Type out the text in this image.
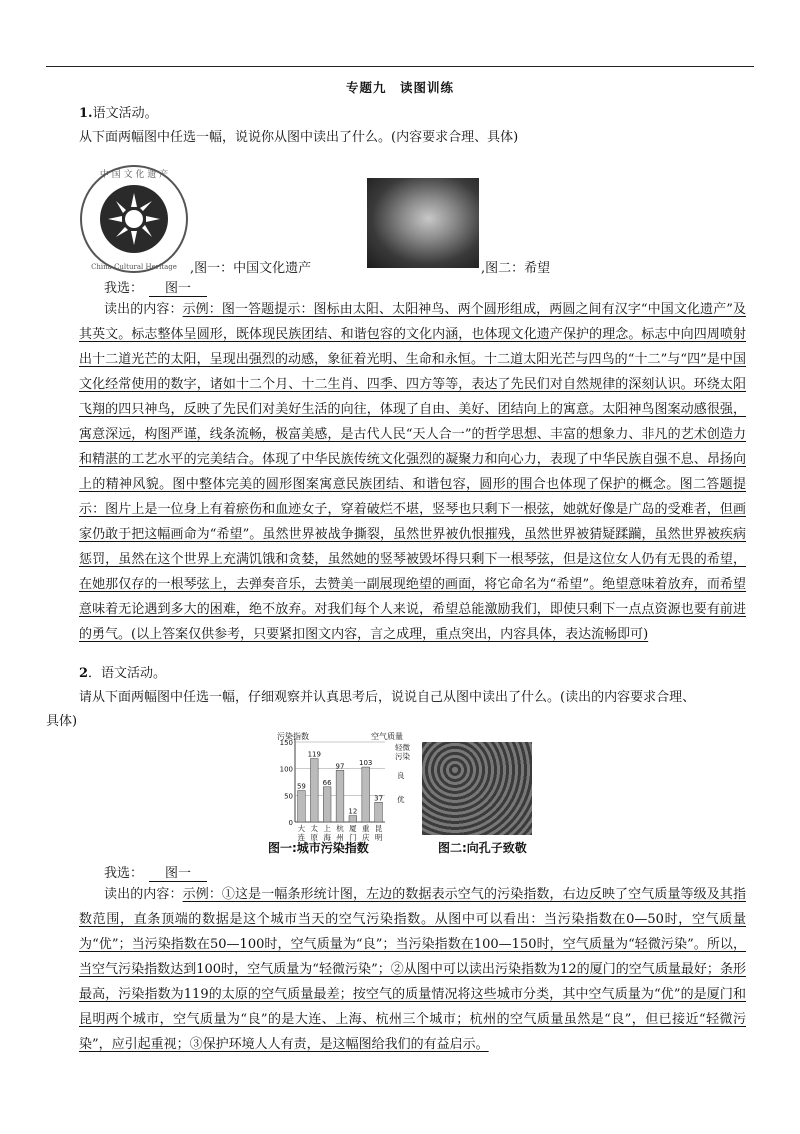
专题九　读图训练
1.语文活动。
从下面两幅图中任选一幅，说说你从图中读出了什么。(内容要求合理、具体)
中 国 文 化 遗 产
China Cultural Heritage ,图一：中国文化遗产	,图二：希望
我选： 图一
读出的内容：示例：图一答题提示：图标由太阳、太阳神鸟、两个圆形组成，两圆之间有汉字“中国文化遗产”及其英文。标志整体呈圆形，既体现民族团结、和谐包容的文化内涵，也体现文化遗产保护的理念。标志中向四周喷射出十二道光芒的太阳，呈现出强烈的动感，象征着光明、生命和永恒。十二道太阳光芒与四鸟的“十二”与“四”是中国文化经常使用的数字，诸如十二个月、十二生肖、四季、四方等等，表达了先民们对自然规律的深刻认识。环绕太阳飞翔的四只神鸟，反映了先民们对美好生活的向往，体现了自由、美好、团结向上的寓意。太阳神鸟图案动感很强，寓意深远，构图严谨，线条流畅，极富美感，是古代人民“天人合一”的哲学思想、丰富的想象力、非凡的艺术创造力和精湛的工艺水平的完美结合。体现了中华民族传统文化强烈的凝聚力和向心力，表现了中华民族自强不息、昂扬向上的精神风貌。图中整体完美的圆形图案寓意民族团结、和谐包容，圆形的围合也体现了保护的概念。图二答题提示：图片上是一位身上有着瘀伤和血迹女子，穿着破烂不堪，竖琴也只剩下一根弦，她就好像是广岛的受难者，但画家仍敢于把这幅画命为“希望”。虽然世界被战争撕裂，虽然世界被仇恨摧残，虽然世界被猜疑蹂躏，虽然世界被疾病惩罚，虽然在这个世界上充满饥饿和贪婪，虽然她的竖琴被毁坏得只剩下一根琴弦，但是这位女人仍有无畏的希望，在她那仅存的一根琴弦上，去弹奏音乐，去赞美一副展现绝望的画面，将它命名为“希望”。绝望意味着放弃，而希望意味着无论遇到多大的困难，绝不放弃。对我们每个人来说，希望总能激励我们，即使只剩下一点点资源也要有前进的勇气。(以上答案仅供参考，只要紧扣图文内容，言之成理，重点突出，内容具体，表达流畅即可)
2．语文活动。
请从下面两幅图中任选一幅，仔细观察并认真思考后，说说自己从图中读出了什么。(读出的内容要求合理、
具体)
污染指数	空气质量
50
100
150
0
59
大
连
119
太
原
66
上
海
97
杭
州
12
厦
门
103
重
庆
37
昆
明
轻微
污染
良
优
图一:城市污染指数	图二:向孔子致敬
我选： 图一
读出的内容：示例：①这是一幅条形统计图，左边的数据表示空气的污染指数，右边反映了空气质量等级及其指数范围，直条顶端的数据是这个城市当天的空气污染指数。从图中可以看出：当污染指数在0—50时，空气质量为“优”；当污染指数在50—100时，空气质量为“良”；当污染指数在100—150时，空气质量为“轻微污染”。所以，当空气污染指数达到100时，空气质量为“轻微污染”；②从图中可以读出污染指数为12的厦门的空气质量最好；条形最高，污染指数为119的太原的空气质量最差；按空气的质量情况将这些城市分类，其中空气质量为“优”的是厦门和昆明两个城市，空气质量为“良”的是大连、上海、杭州三个城市；杭州的空气质量虽然是“良”，但已接近“轻微污染”，应引起重视；③保护环境人人有责，是这幅图给我们的有益启示。
